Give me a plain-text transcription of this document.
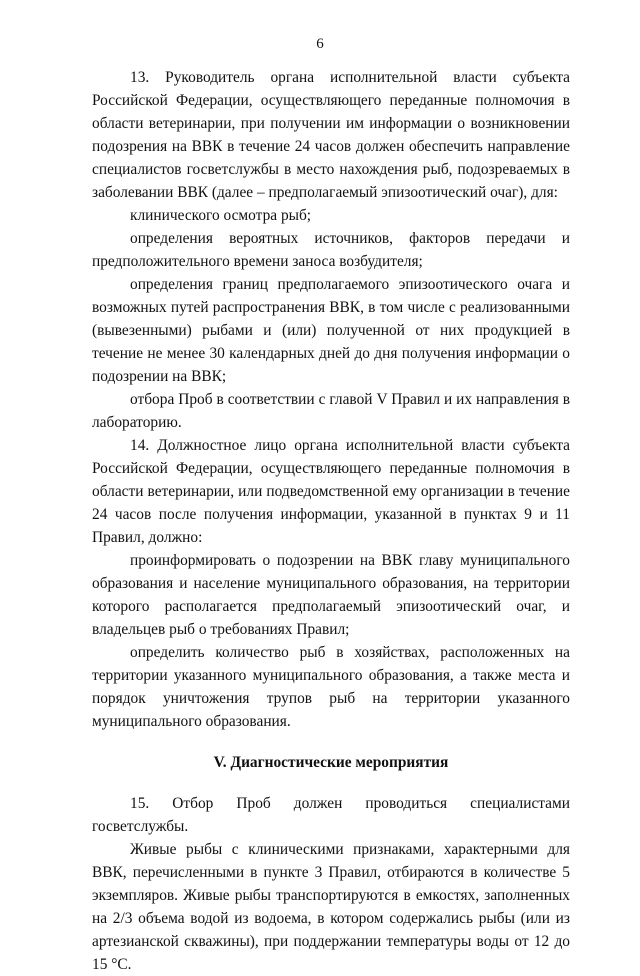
6

13. Руководитель органа исполнительной власти субъекта Российской Федерации, осуществляющего переданные полномочия в области ветеринарии, при получении им информации о возникновении подозрения на ВВК в течение 24 часов должен обеспечить направление специалистов госветслужбы в место нахождения рыб, подозреваемых в заболевании ВВК (далее – предполагаемый эпизоотический очаг), для:

клинического осмотра рыб;

определения вероятных источников, факторов передачи и предположительного времени заноса возбудителя;

определения границ предполагаемого эпизоотического очага и возможных путей распространения ВВК, в том числе с реализованными (вывезенными) рыбами и (или) полученной от них продукцией в течение не менее 30 календарных дней до дня получения информации о подозрении на ВВК;

отбора Проб в соответствии с главой V Правил и их направления в лабораторию.

14. Должностное лицо органа исполнительной власти субъекта Российской Федерации, осуществляющего переданные полномочия в области ветеринарии, или подведомственной ему организации в течение 24 часов после получения информации, указанной в пунктах 9 и 11 Правил, должно:

проинформировать о подозрении на ВВК главу муниципального образования и население муниципального образования, на территории которого располагается предполагаемый эпизоотический очаг, и владельцев рыб о требованиях Правил;

определить количество рыб в хозяйствах, расположенных на территории указанного муниципального образования, а также места и порядок уничтожения трупов рыб на территории указанного муниципального образования.

V. Диагностические мероприятия

15. Отбор Проб должен проводиться специалистами госветслужбы.

Живые рыбы с клиническими признаками, характерными для ВВК, перечисленными в пункте 3 Правил, отбираются в количестве 5 экземпляров. Живые рыбы транспортируются в емкостях, заполненных на 2/3 объема водой из водоема, в котором содержались рыбы (или из артезианской скважины), при поддержании температуры воды от 12 до 15 °С.
